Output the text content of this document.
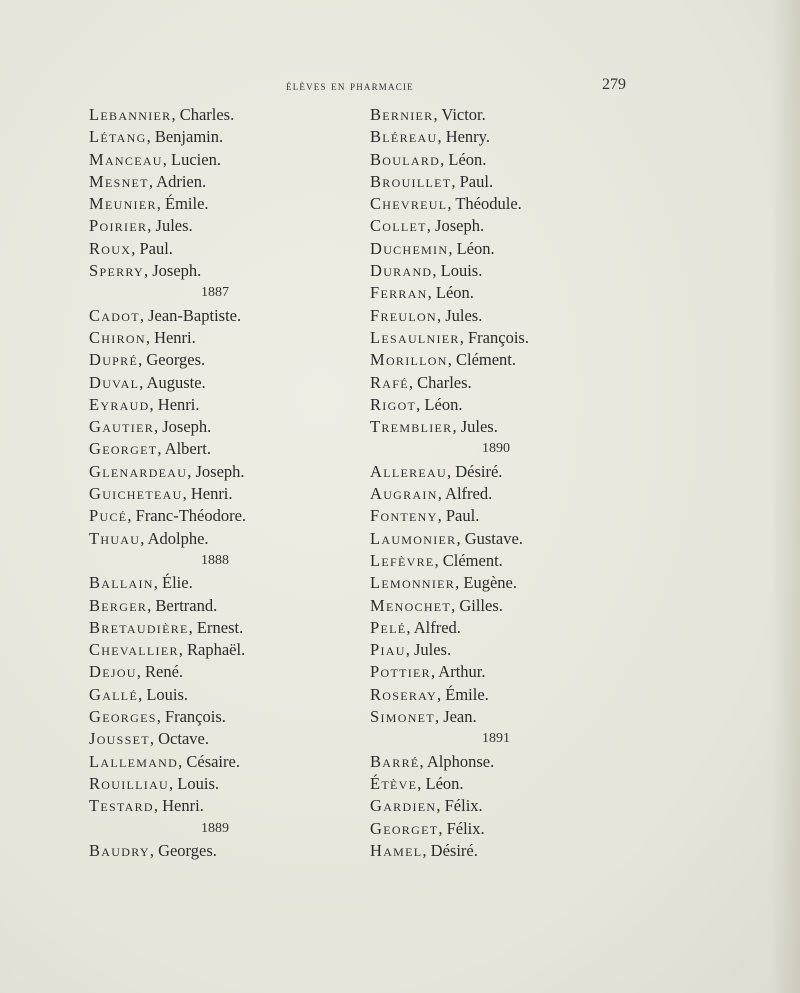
élèves en pharmacie	279
Lebannier, Charles.
Létang, Benjamin.
Manceau, Lucien.
Mesnet, Adrien.
Meunier, Émile.
Poirier, Jules.
Roux, Paul.
Sperry, Joseph.
1887
Cadot, Jean-Baptiste.
Chiron, Henri.
Dupré, Georges.
Duval, Auguste.
Eyraud, Henri.
Gautier, Joseph.
Georget, Albert.
Glenardeau, Joseph.
Guicheteau, Henri.
Pucé, Franc-Théodore.
Thuau, Adolphe.
1888
Ballain, Élie.
Berger, Bertrand.
Bretaudière, Ernest.
Chevallier, Raphaël.
Dejou, René.
Gallé, Louis.
Georges, François.
Jousset, Octave.
Lallemand, Césaire.
Rouilliau, Louis.
Testard, Henri.
1889
Baudry, Georges.
Bernier, Victor.
Bléreau, Henry.
Boulard, Léon.
Brouillet, Paul.
Chevreul, Théodule.
Collet, Joseph.
Duchemin, Léon.
Durand, Louis.
Ferran, Léon.
Freulon, Jules.
Lesaulnier, François.
Morillon, Clément.
Rafé, Charles.
Rigot, Léon.
Tremblier, Jules.
1890
Allereau, Désiré.
Augrain, Alfred.
Fonteny, Paul.
Laumonier, Gustave.
Lefèvre, Clément.
Lemonnier, Eugène.
Menochet, Gilles.
Pelé, Alfred.
Piau, Jules.
Pottier, Arthur.
Roseray, Émile.
Simonet, Jean.
1891
Barré, Alphonse.
Étève, Léon.
Gardien, Félix.
Georget, Félix.
Hamel, Désiré.
